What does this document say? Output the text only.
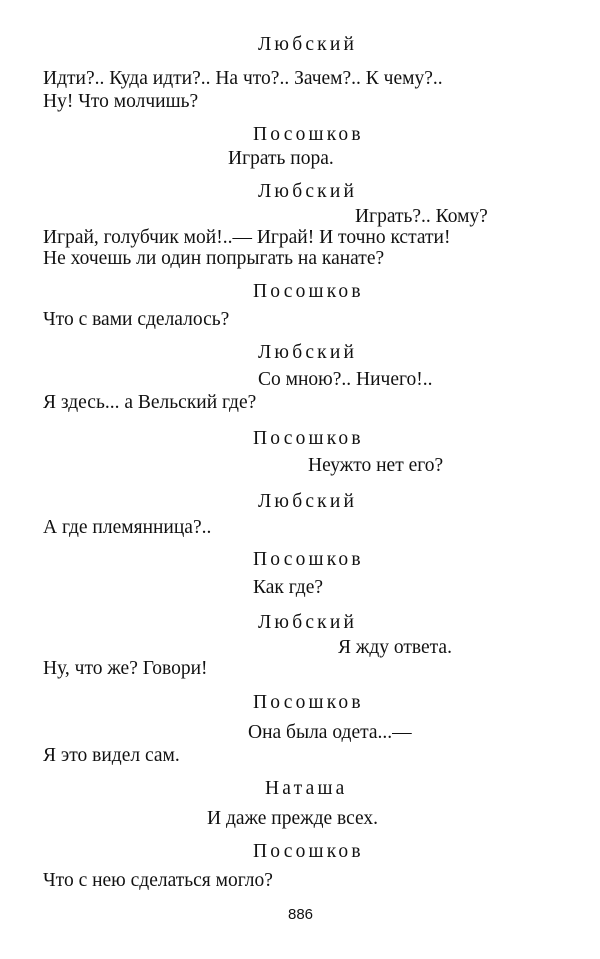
Любский
Идти?.. Куда идти?.. На что?.. Зачем?.. К чему?..
Ну! Что молчишь?
Посошков
Играть пора.
Любский
Играть?.. Кому?
Играй, голубчик мой!..— Играй! И точно кстати!
Не хочешь ли один попрыгать на канате?
Посошков
Что с вами сделалось?
Любский
Со мною?.. Ничего!..
Я здесь... а Вельский где?
Посошков
Неужто нет его?
Любский
А где племянница?..
Посошков
Как где?
Любский
Я жду ответа.
Ну, что же? Говори!
Посошков
Она была одета...—
Я это видел сам.
Наташа
И даже прежде всех.
Посошков
Что с нею сделаться могло?
886
